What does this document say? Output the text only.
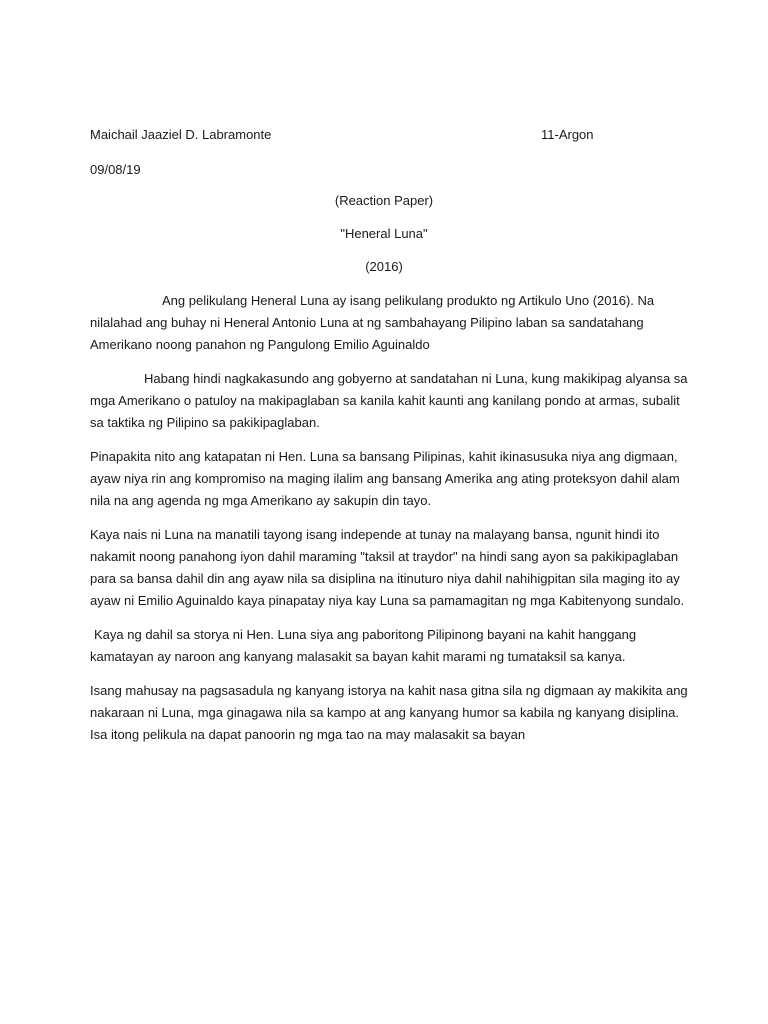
Maichail Jaaziel D. Labramonte	11-Argon
09/08/19
(Reaction Paper)
"Heneral Luna"
(2016)

Ang pelikulang Heneral Luna ay isang pelikulang produkto ng Artikulo Uno (2016). Na nilalahad ang buhay ni Heneral Antonio Luna at ng sambahayang Pilipino laban sa sandatahang Amerikano noong panahon ng Pangulong Emilio Aguinaldo

Habang hindi nagkakasundo ang gobyerno at sandatahan ni Luna, kung makikipag alyansa sa mga Amerikano o patuloy na makipaglaban sa kanila kahit kaunti ang kanilang pondo at armas, subalit sa taktika ng Pilipino sa pakikipaglaban.

Pinapakita nito ang katapatan ni Hen. Luna sa bansang Pilipinas, kahit ikinasusuka niya ang digmaan, ayaw niya rin ang kompromiso na maging ilalim ang bansang Amerika ang ating proteksyon dahil alam nila na ang agenda ng mga Amerikano ay sakupin din tayo.

Kaya nais ni Luna na manatili tayong isang independe at tunay na malayang bansa, ngunit hindi ito nakamit noong panahong iyon dahil maraming "taksil at traydor" na hindi sang ayon sa pakikipaglaban para sa bansa dahil din ang ayaw nila sa disiplina na itinuturo niya dahil nahihigpitan sila maging ito ay ayaw ni Emilio Aguinaldo kaya pinapatay niya kay Luna sa pamamagitan ng mga Kabitenyong sundalo.

Kaya ng dahil sa storya ni Hen. Luna siya ang paboritong Pilipinong bayani na kahit hanggang kamatayan ay naroon ang kanyang malasakit sa bayan kahit marami ng tumataksil sa kanya.

Isang mahusay na pagsasadula ng kanyang istorya na kahit nasa gitna sila ng digmaan ay makikita ang nakaraan ni Luna, mga ginagawa nila sa kampo at ang kanyang humor sa kabila ng kanyang disiplina. Isa itong pelikula na dapat panoorin ng mga tao na may malasakit sa bayan
